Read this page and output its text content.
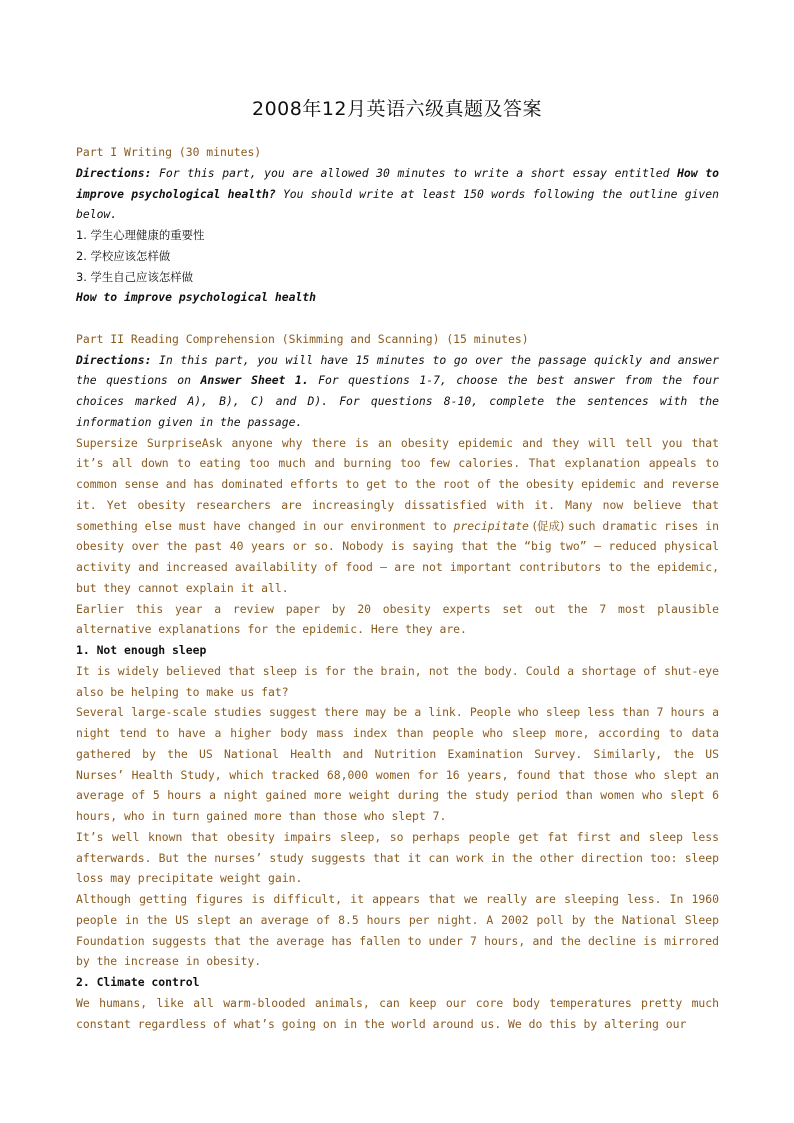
2008年12月英语六级真题及答案

Part I Writing (30 minutes)

Directions: For this part, you are allowed 30 minutes to write a short essay entitled How to improve psychological health? You should write at least 150 words following the outline given below.

1. 学生心理健康的重要性

2. 学校应该怎样做

3. 学生自己应该怎样做

How to improve psychological health

Part II Reading Comprehension (Skimming and Scanning) (15 minutes)

Directions: In this part, you will have 15 minutes to go over the passage quickly and answer the questions on Answer Sheet 1. For questions 1-7, choose the best answer from the four choices marked A), B), C) and D). For questions 8-10, complete the sentences with the information given in the passage.

Supersize SurpriseAsk anyone why there is an obesity epidemic and they will tell you that it’s all down to eating too much and burning too few calories. That explanation appeals to common sense and has dominated efforts to get to the root of the obesity epidemic and reverse it. Yet obesity researchers are increasingly dissatisfied with it. Many now believe that something else must have changed in our environment to precipitate (促成) such dramatic rises in obesity over the past 40 years or so. Nobody is saying that the “big two” – reduced physical activity and increased availability of food – are not important contributors to the epidemic, but they cannot explain it all.

Earlier this year a review paper by 20 obesity experts set out the 7 most plausible alternative explanations for the epidemic. Here they are.

1. Not enough sleep

It is widely believed that sleep is for the brain, not the body. Could a shortage of shut-eye also be helping to make us fat?

Several large-scale studies suggest there may be a link. People who sleep less than 7 hours a night tend to have a higher body mass index than people who sleep more, according to data gathered by the US National Health and Nutrition Examination Survey. Similarly, the US Nurses’ Health Study, which tracked 68,000 women for 16 years, found that those who slept an average of 5 hours a night gained more weight during the study period than women who slept 6 hours, who in turn gained more than those who slept 7.

It’s well known that obesity impairs sleep, so perhaps people get fat first and sleep less afterwards. But the nurses’ study suggests that it can work in the other direction too: sleep loss may precipitate weight gain.

Although getting figures is difficult, it appears that we really are sleeping less. In 1960 people in the US slept an average of 8.5 hours per night. A 2002 poll by the National Sleep Foundation suggests that the average has fallen to under 7 hours, and the decline is mirrored by the increase in obesity.

2. Climate control

We humans, like all warm-blooded animals, can keep our core body temperatures pretty much constant regardless of what’s going on in the world around us. We do this by altering our
